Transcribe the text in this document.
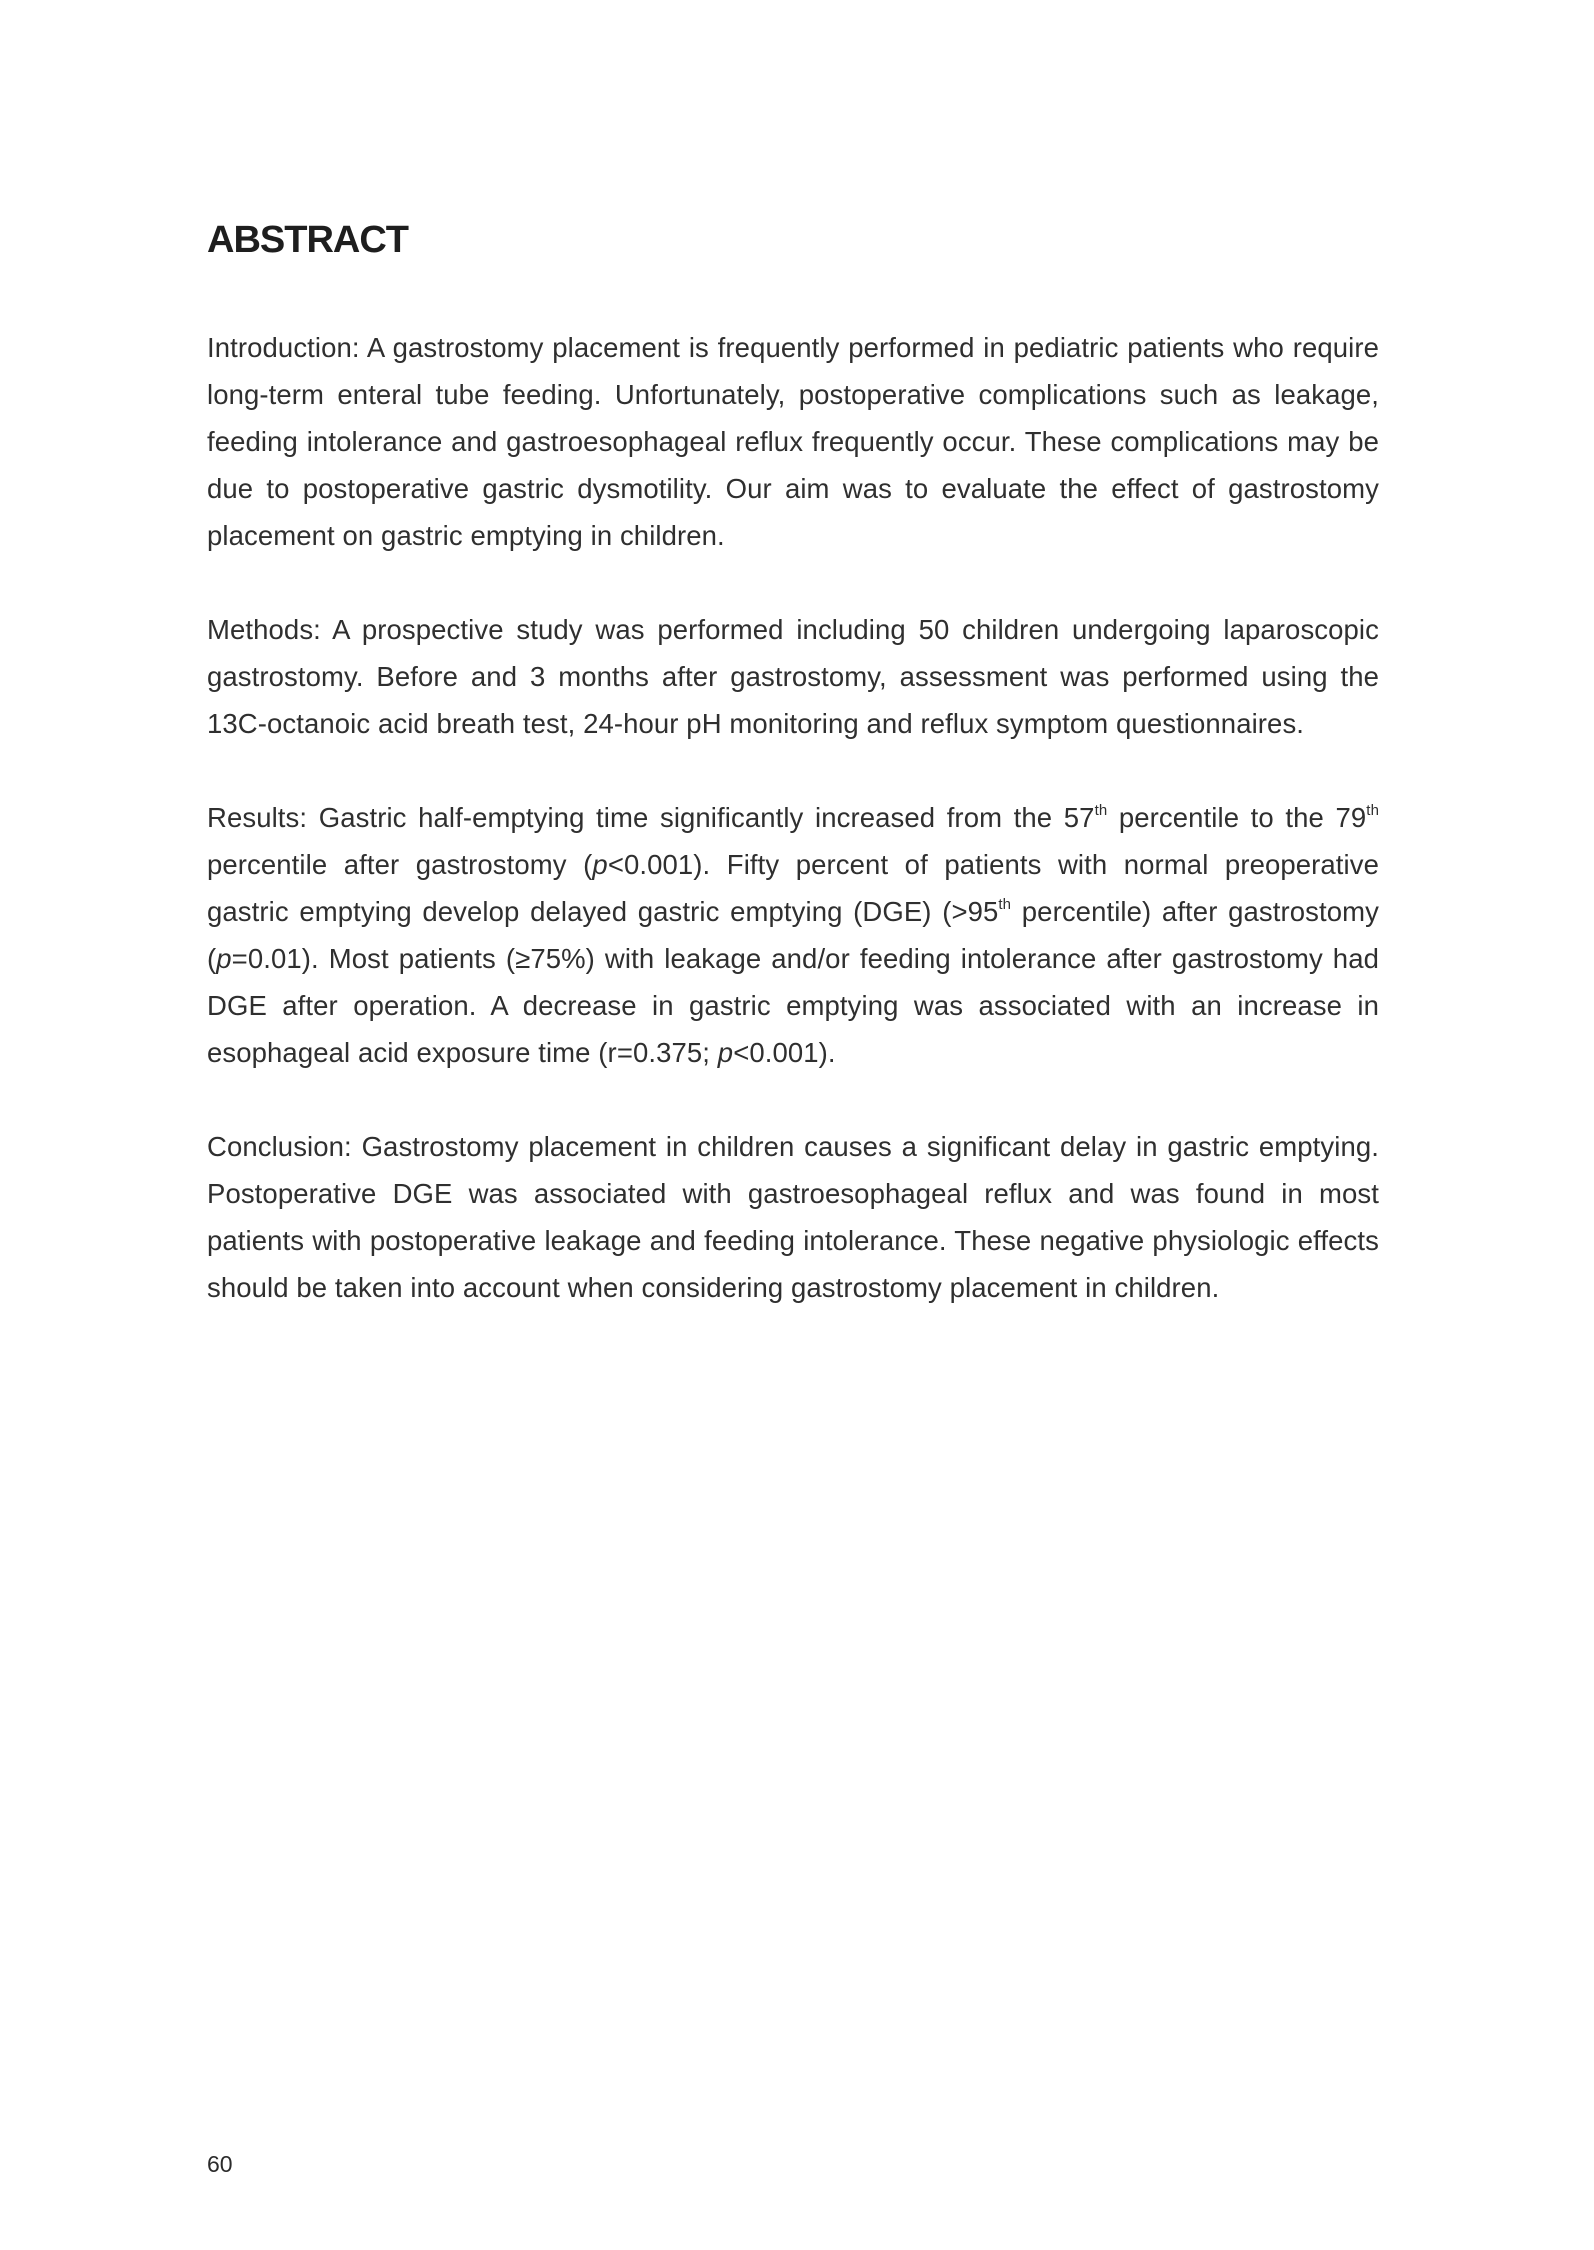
ABSTRACT

Introduction: A gastrostomy placement is frequently performed in pediatric patients who require long-term enteral tube feeding. Unfortunately, postoperative complications such as leakage, feeding intolerance and gastroesophageal reflux frequently occur. These complications may be due to postoperative gastric dysmotility. Our aim was to evaluate the effect of gastrostomy placement on gastric emptying in children.

Methods: A prospective study was performed including 50 children undergoing laparoscopic gastrostomy. Before and 3 months after gastrostomy, assessment was performed using the 13C-octanoic acid breath test, 24-hour pH monitoring and reflux symptom questionnaires.

Results: Gastric half-emptying time significantly increased from the 57th percentile to the 79th percentile after gastrostomy (p<0.001). Fifty percent of patients with normal preoperative gastric emptying develop delayed gastric emptying (DGE) (>95th percentile) after gastrostomy (p=0.01). Most patients (≥75%) with leakage and/or feeding intolerance after gastrostomy had DGE after operation. A decrease in gastric emptying was associated with an increase in esophageal acid exposure time (r=0.375; p<0.001).

Conclusion: Gastrostomy placement in children causes a significant delay in gastric emptying. Postoperative DGE was associated with gastroesophageal reflux and was found in most patients with postoperative leakage and feeding intolerance. These negative physiologic effects should be taken into account when considering gastrostomy placement in children.

60
